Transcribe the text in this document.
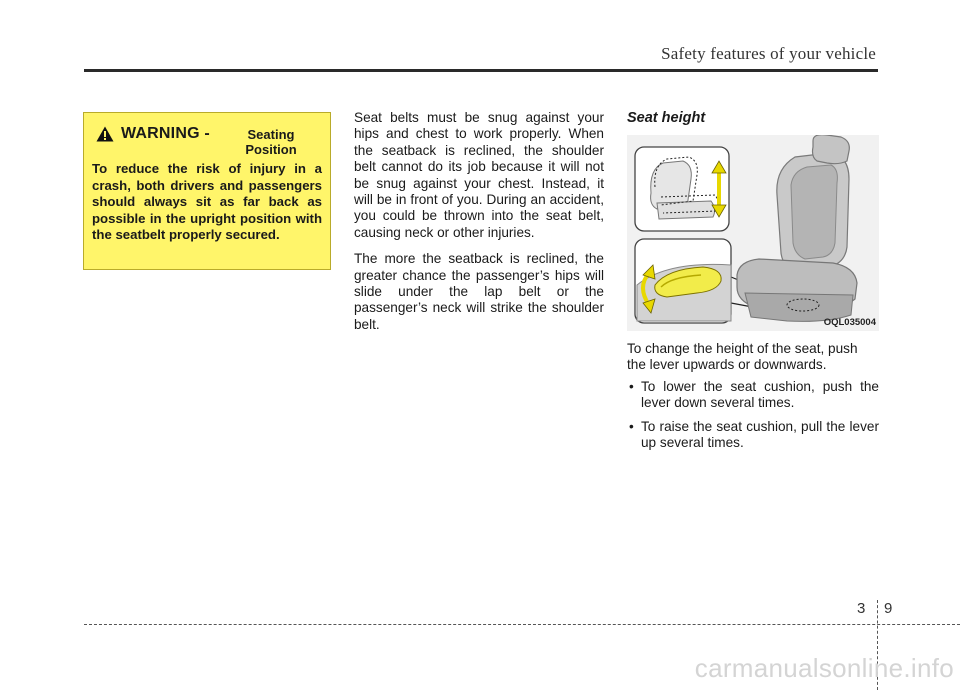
Safety features of your vehicle
WARNING -	Seating Position

To reduce the risk of injury in a crash, both drivers and passengers should always sit as far back as possible in the upright position with the seatbelt properly secured.

Seat belts must be snug against your hips and chest to work properly. When the seatback is reclined, the shoulder belt cannot do its job because it will not be snug against your chest. Instead, it will be in front of you. During an accident, you could be thrown into the seat belt, causing neck or other injuries.

The more the seatback is reclined, the greater chance the passenger’s hips will slide under the lap belt or the passenger’s neck will strike the shoulder belt.

Seat height
OQL035004

To change the height of the seat, push the lever upwards or downwards.

• To lower the seat cushion, push the lever down several times.
• To raise the seat cushion, pull the lever up several times.
3 9
carmanualsonline.info
